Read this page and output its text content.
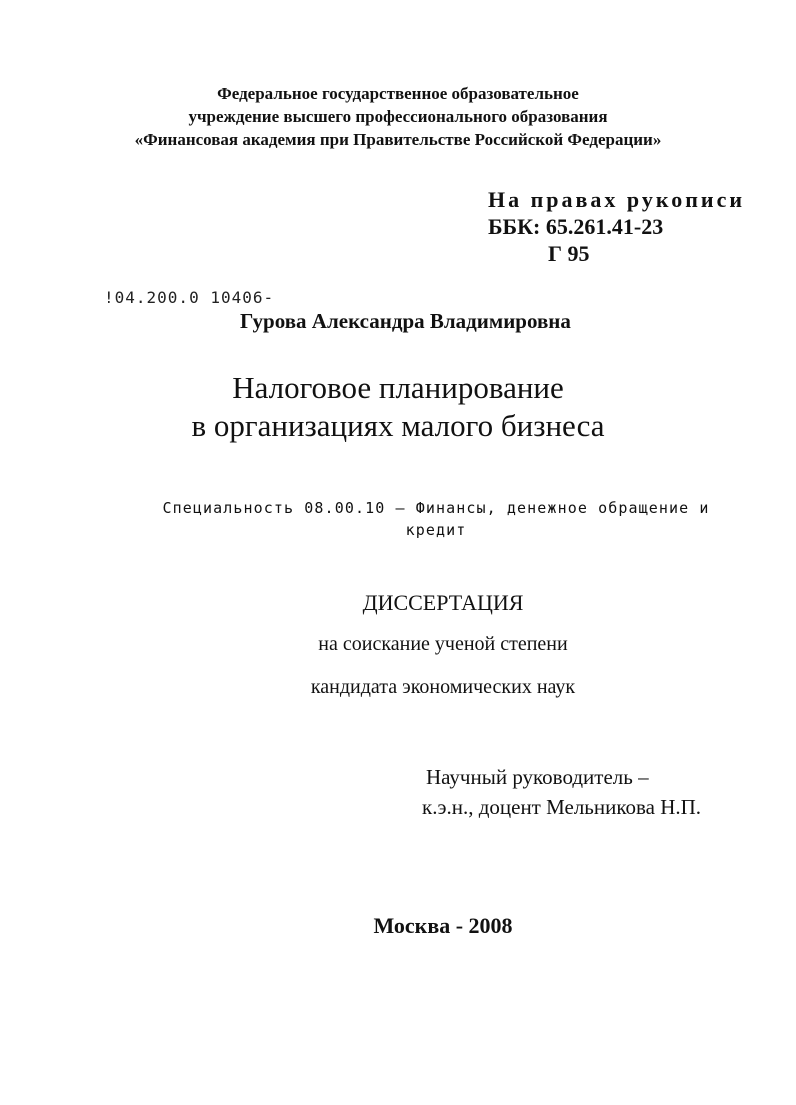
Федеральное государственное образовательное
учреждение высшего профессионального образования
«Финансовая академия при Правительстве Российской Федерации»
На правах рукописи
ББК: 65.261.41-23
Г 95
!04.200.0 10406-
Гурова Александра Владимировна
Налоговое планирование
в организациях малого бизнеса
Специальность 08.00.10 – Финансы, денежное обращение и кредит
ДИССЕРТАЦИЯ
на соискание ученой степени
кандидата экономических наук
Научный руководитель –
к.э.н., доцент Мельникова Н.П.
Москва - 2008
